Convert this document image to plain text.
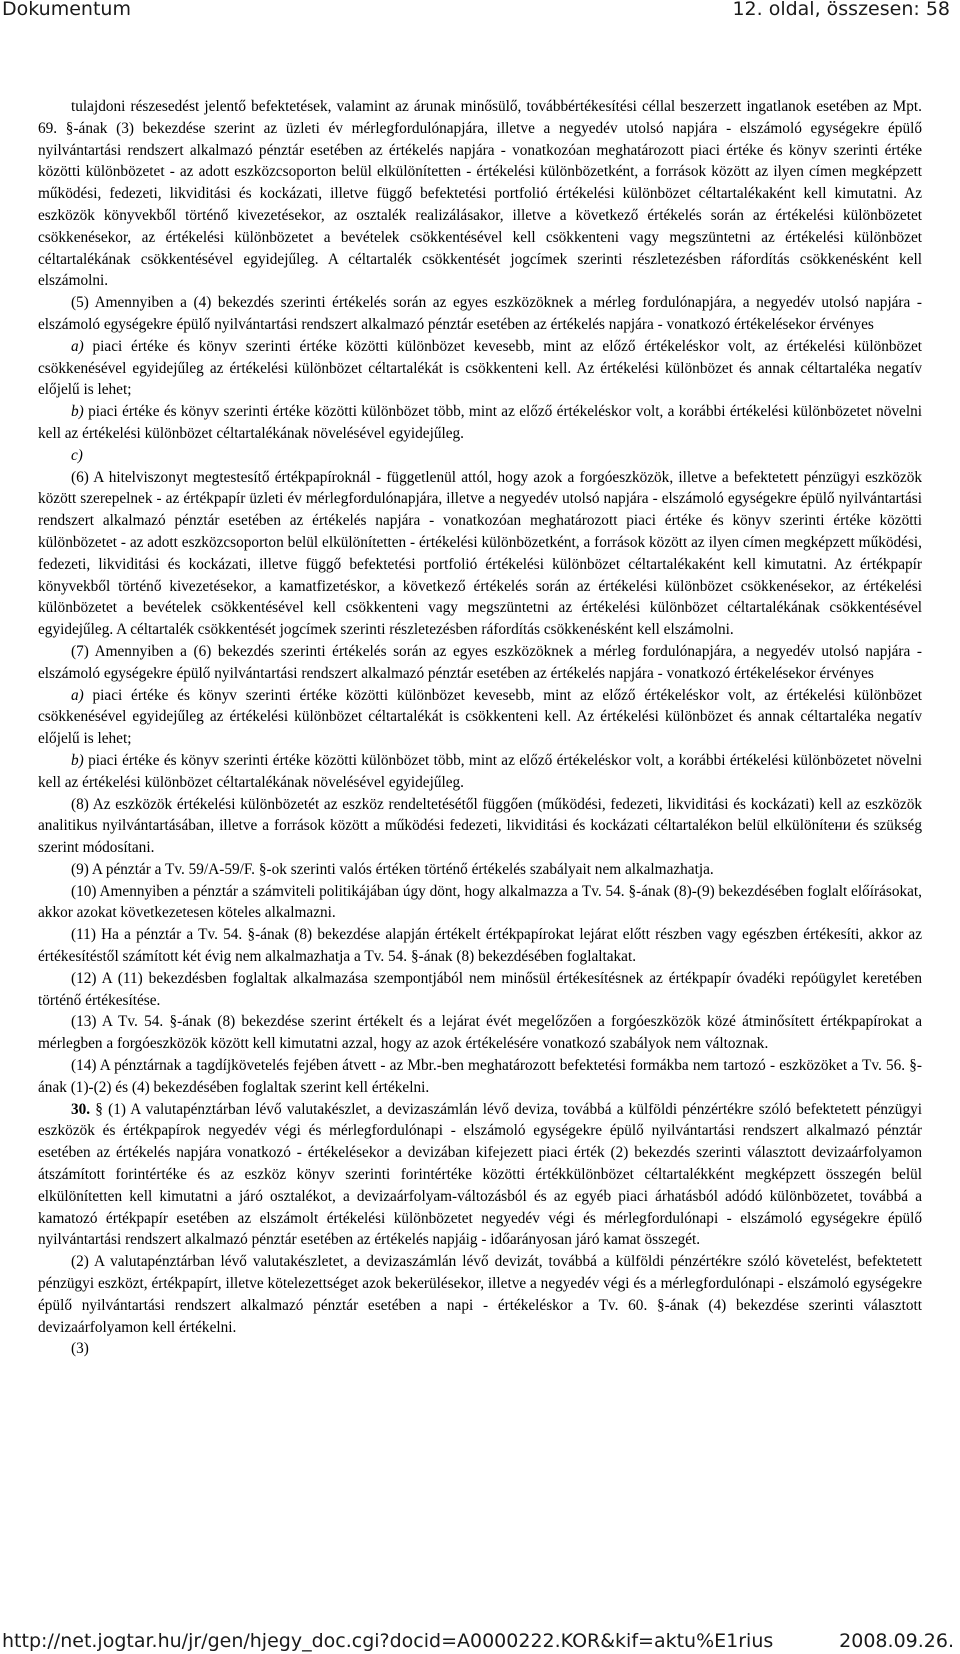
Dokumentum	12. oldal, összesen: 58

tulajdoni részesedést jelentő befektetések, valamint az árunak minősülő, továbbértékesítési céllal beszerzett ingatlanok esetében az Mpt. 69. §-ának (3) bekezdése szerint az üzleti év mérlegfordulónapjára, illetve a negyedév utolsó napjára - elszámoló egységekre épülő nyilvántartási rendszert alkalmazó pénztár esetében az értékelés napjára - vonatkozóan meghatározott piaci értéke és könyv szerinti értéke közötti különbözetet - az adott eszközcsoporton belül elkülönítetten - értékelési különbözetként, a források között az ilyen címen megképzett működési, fedezeti, likviditási és kockázati, illetve függő befektetési portfolió értékelési különbözet céltartalékaként kell kimutatni. Az eszközök könyvekből történő kivezetésekor, az osztalék realizálásakor, illetve a következő értékelés során az értékelési különbözetet csökkenésekor, az értékelési különbözetet a bevételek csökkentésével kell csökkenteni vagy megszüntetni az értékelési különbözet céltartalékának csökkentésével egyidejűleg. A céltartalék csökkentését jogcímek szerinti részletezésben ráfordítás csökkenésként kell elszámolni.

(5) Amennyiben a (4) bekezdés szerinti értékelés során az egyes eszközöknek a mérleg fordulónapjára, a negyedév utolsó napjára - elszámoló egységekre épülő nyilvántartási rendszert alkalmazó pénztár esetében az értékelés napjára - vonatkozó értékelésekor érvényes

a) piaci értéke és könyv szerinti értéke közötti különbözet kevesebb, mint az előző értékeléskor volt, az értékelési különbözet csökkenésével egyidejűleg az értékelési különbözet céltartalékát is csökkenteni kell. Az értékelési különbözet és annak céltartaléka negatív előjelű is lehet;

b) piaci értéke és könyv szerinti értéke közötti különbözet több, mint az előző értékeléskor volt, a korábbi értékelési különbözetet növelni kell az értékelési különbözet céltartalékának növelésével egyidejűleg.

c)

(6) A hitelviszonyt megtestesítő értékpapíroknál - függetlenül attól, hogy azok a forgóeszközök, illetve a befektetett pénzügyi eszközök között szerepelnek - az értékpapír üzleti év mérlegfordulónapjára, illetve a negyedév utolsó napjára - elszámoló egységekre épülő nyilvántartási rendszert alkalmazó pénztár esetében az értékelés napjára - vonatkozóan meghatározott piaci értéke és könyv szerinti értéke közötti különbözetet - az adott eszközcsoporton belül elkülönítetten - értékelési különbözetként, a források között az ilyen címen megképzett működési, fedezeti, likviditási és kockázati, illetve függő befektetési portfolió értékelési különbözet céltartalékaként kell kimutatni. Az értékpapír könyvekből történő kivezetésekor, a kamatfizetéskor, a következő értékelés során az értékelési különbözet csökkenésekor, az értékelési különbözetet a bevételek csökkentésével kell csökkenteni vagy megszüntetni az értékelési különbözet céltartalékának csökkentésével egyidejűleg. A céltartalék csökkentését jogcímek szerinti részletezésben ráfordítás csökkenésként kell elszámolni.

(7) Amennyiben a (6) bekezdés szerinti értékelés során az egyes eszközöknek a mérleg fordulónapjára, a negyedév utolsó napjára - elszámoló egységekre épülő nyilvántartási rendszert alkalmazó pénztár esetében az értékelés napjára - vonatkozó értékelésekor érvényes

a) piaci értéke és könyv szerinti értéke közötti különbözet kevesebb, mint az előző értékeléskor volt, az értékelési különbözet csökkenésével egyidejűleg az értékelési különbözet céltartalékát is csökkenteni kell. Az értékelési különbözet és annak céltartaléka negatív előjelű is lehet;

b) piaci értéke és könyv szerinti értéke közötti különbözet több, mint az előző értékeléskor volt, a korábbi értékelési különbözetet növelni kell az értékelési különbözet céltartalékának növelésével egyidejűleg.

(8) Az eszközök értékelési különbözetét az eszköz rendeltetésétől függően (működési, fedezeti, likviditási és kockázati) kell az eszközök analitikus nyilvántartásában, illetve a források között a működési fedezeti, likviditási és kockázati céltartalékon belül elkülönítени és szükség szerint módosítani.

(9) A pénztár a Tv. 59/A-59/F. §-ok szerinti valós értéken történő értékelés szabályait nem alkalmazhatja.

(10) Amennyiben a pénztár a számviteli politikájában úgy dönt, hogy alkalmazza a Tv. 54. §-ának (8)-(9) bekezdésében foglalt előírásokat, akkor azokat következetesen köteles alkalmazni.

(11) Ha a pénztár a Tv. 54. §-ának (8) bekezdése alapján értékelt értékpapírokat lejárat előtt részben vagy egészben értékesíti, akkor az értékesítéstől számított két évig nem alkalmazhatja a Tv. 54. §-ának (8) bekezdésében foglaltakat.

(12) A (11) bekezdésben foglaltak alkalmazása szempontjából nem minősül értékesítésnek az értékpapír óvadéki repóügylet keretében történő értékesítése.

(13) A Tv. 54. §-ának (8) bekezdése szerint értékelt és a lejárat évét megelőzően a forgóeszközök közé átminősített értékpapírokat a mérlegben a forgóeszközök között kell kimutatni azzal, hogy az azok értékelésére vonatkozó szabályok nem változnak.

(14) A pénztárnak a tagdíjkövetelés fejében átvett - az Mbr.-ben meghatározott befektetési formákba nem tartozó - eszközöket a Tv. 56. §-ának (1)-(2) és (4) bekezdésében foglaltak szerint kell értékelni.

30. § (1) A valutapénztárban lévő valutakészlet, a devizaszámlán lévő deviza, továbbá a külföldi pénzértékre szóló befektetett pénzügyi eszközök és értékpapírok negyedév végi és mérlegfordulónapi - elszámoló egységekre épülő nyilvántartási rendszert alkalmazó pénztár esetében az értékelés napjára vonatkozó - értékelésekor a devizában kifejezett piaci érték (2) bekezdés szerinti választott devizaárfolyamon átszámított forintértéke és az eszköz könyv szerinti forintértéke közötti értékkülönbözet céltartalékként megképzett összegén belül elkülönítetten kell kimutatni a járó osztalékot, a devizaárfolyam-változásból és az egyéb piaci árhatásból adódó különbözetet, továbbá a kamatozó értékpapír esetében az elszámolt értékelési különbözetet negyedév végi és mérlegfordulónapi - elszámoló egységekre épülő nyilvántartási rendszert alkalmazó pénztár esetében az értékelés napjáig - időarányosan járó kamat összegét.

(2) A valutapénztárban lévő valutakészletet, a devizaszámlán lévő devizát, továbbá a külföldi pénzértékre szóló követelést, befektetett pénzügyi eszközt, értékpapírt, illetve kötelezettséget azok bekerülésekor, illetve a negyedév végi és a mérlegfordulónapi - elszámoló egységekre épülő nyilvántartási rendszert alkalmazó pénztár esetében a napi - értékeléskor a Tv. 60. §-ának (4) bekezdése szerinti választott devizaárfolyamon kell értékelni.

(3)

http://net.jogtar.hu/jr/gen/hjegy_doc.cgi?docid=A0000222.KOR&kif=aktu%E1rius	2008.09.26.
